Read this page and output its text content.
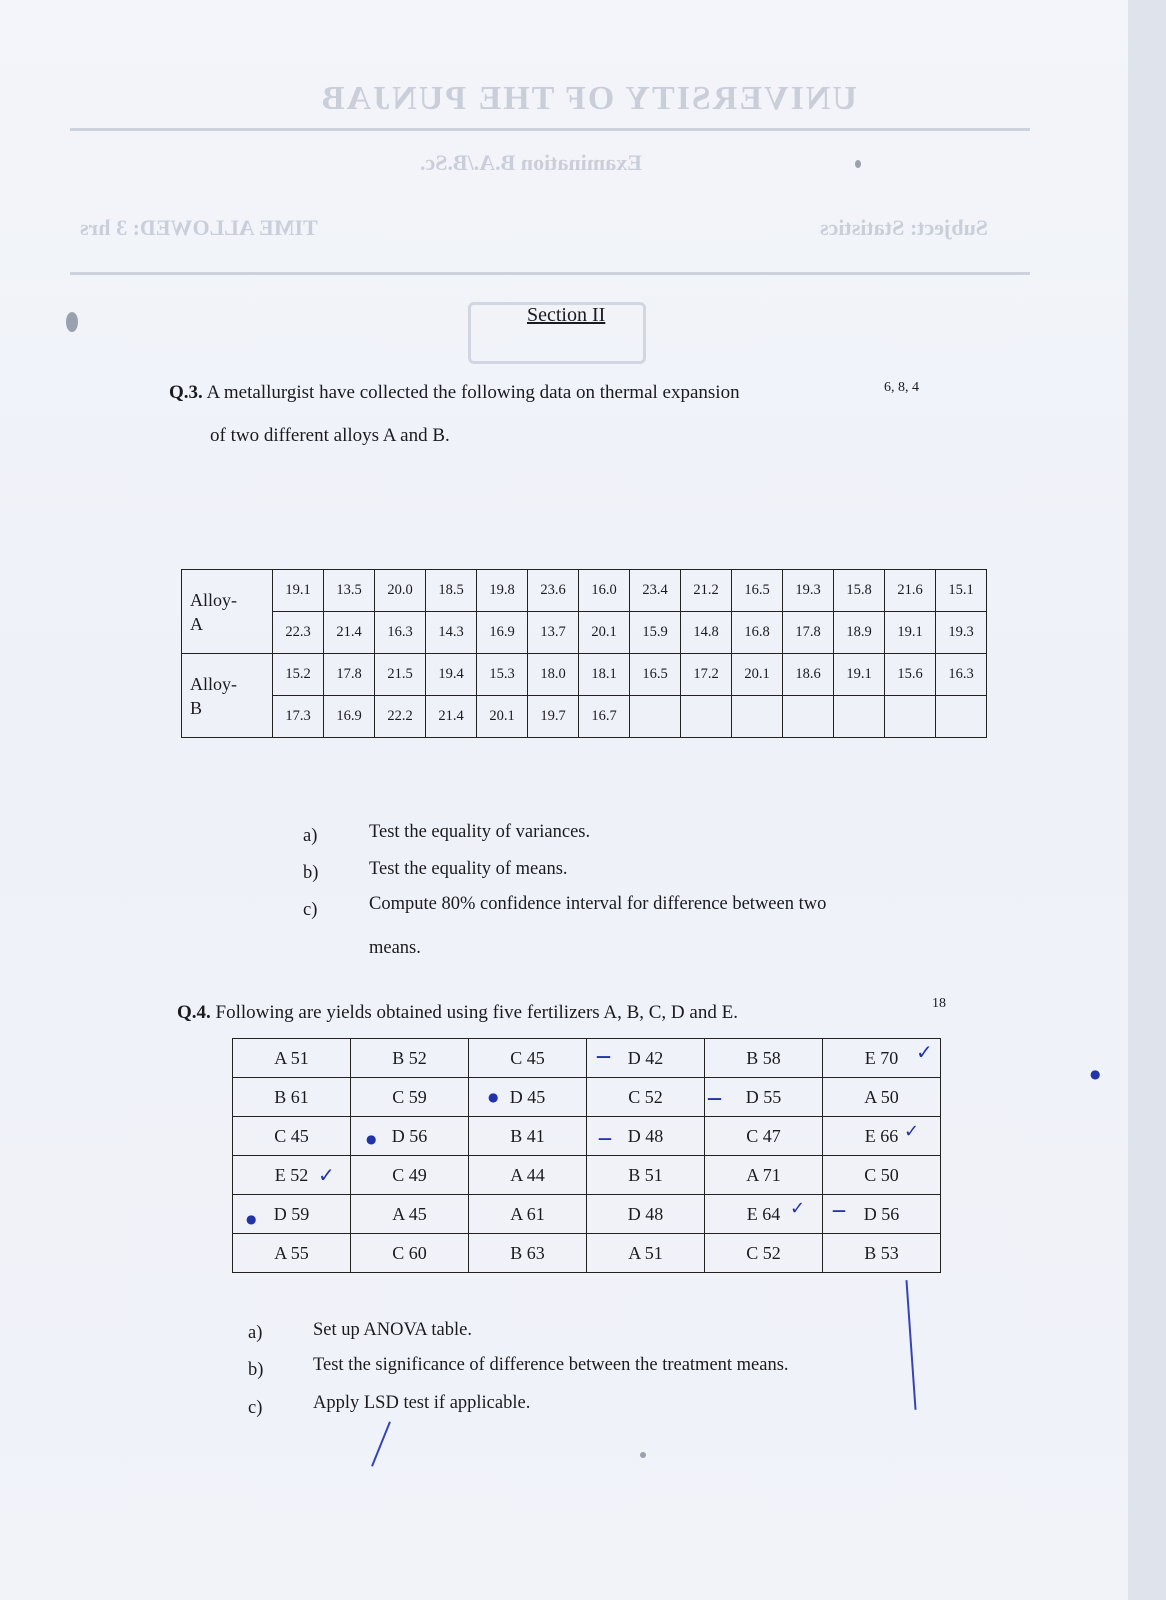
UNIVERSITY OF THE PUNJAB
Examination B.A./B.Sc.
TIME ALLOWED: 3 hrs	Subject: Statistics
Section II
Q.3. A metallurgist have collected the following data on thermal expansion	6, 8, 4
of two different alloys A and B.
Alloy-
A	19.1	13.5	20.0	18.5	19.8	23.6	16.0	23.4	21.2	16.5	19.3	15.8	21.6	15.1
	22.3	21.4	16.3	14.3	16.9	13.7	20.1	15.9	14.8	16.8	17.8	18.9	19.1	19.3
Alloy-
B	15.2	17.8	21.5	19.4	15.3	18.0	18.1	16.5	17.2	20.1	18.6	19.1	15.6	16.3
	17.3	16.9	22.2	21.4	20.1	19.7	16.7							
a)	Test the equality of variances.
b)	Test the equality of means.
c)	Compute 80% confidence interval for difference between two
means.
Q.4. Following are yields obtained using five fertilizers A, B, C, D and E.	18
A 51	B 52	C 45	D 42	B 58	E 70
B 61	C 59	D 45	C 52	D 55	A 50
C 45	D 56	B 41	D 48	C 47	E 66
E 52	C 49	A 44	B 51	A 71	C 50
D 59	A 45	A 61	D 48	E 64	D 56
A 55	C 60	B 63	A 51	C 52	B 53
✓
✓
✓
✓
—
—
●
●
●	—
—
●
a)	Set up ANOVA table.
b)	Test the significance of difference between the treatment means.
c)	Apply LSD test if applicable.
